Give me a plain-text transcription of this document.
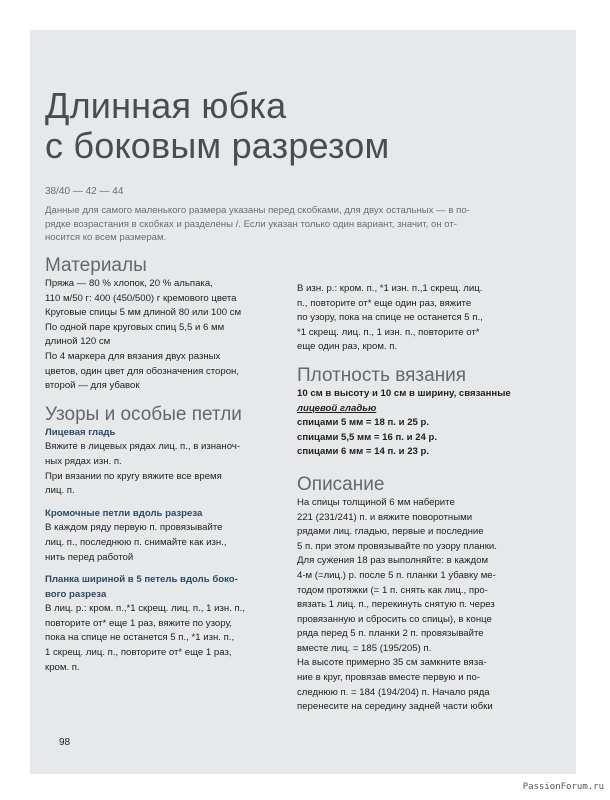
Длинная юбка
с боковым разрезом
38/40 — 42 — 44
Данные для самого маленького размера указаны перед скобками, для двух остальных — в по-
рядке возрастания в скобках и разделены /. Если указан только один вариант, значит, он от-
носится ко всем размерам.
Материалы
Пряжа — 80 % хлопок, 20 % альпака,
110 м/50 г: 400 (450/500) г кремового цвета
Круговые спицы 5 мм длиной 80 или 100 см
По одной паре круговых спиц 5,5 и 6 мм
длиной 120 см
По 4 маркера для вязания двух разных
цветов, один цвет для обозначения сторон,
второй — для убавок
Узоры и особые петли
Лицевая гладь
Вяжите в лицевых рядах лиц. п., в изнаноч-
ных рядах изн. п.
При вязании по кругу вяжите все время
лиц. п.
Кромочные петли вдоль разреза
В каждом ряду первую п. провязывайте
лиц. п., последнюю п. снимайте как изн.,
нить перед работой
Планка шириной в 5 петель вдоль боко-
вого разреза
В лиц. р.: кром. п.,*1 скрещ. лиц. п., 1 изн. п.,
повторите от* еще 1 раз, вяжите по узору,
пока на спице не останется 5 п., *1 изн. п.,
1 скрещ. лиц. п., повторите от* еще 1 раз,
кром. п.
В изн. р.: кром. п., *1 изн. п.,1 скрещ. лиц.
п., повторите от* еще один раз, вяжите
по узору, пока на спице не останется 5 п.,
*1 скрещ. лиц. п., 1 изн. п., повторите от*
еще один раз, кром. п.
Плотность вязания
10 см в высоту и 10 см в ширину, связанные
лицевой гладью
спицами 5 мм = 18 п. и 25 р.
спицами 5,5 мм = 16 п. и 24 р.
спицами 6 мм = 14 п. и 23 р.
Описание
На спицы толщиной 6 мм наберите
221 (231/241) п. и вяжите поворотными
рядами лиц. гладью, первые и последние
5 п. при этом провязывайте по узору планки.
Для сужения 18 раз выполняйте: в каждом
4-м (=лиц.) р. после 5 п. планки 1 убавку ме-
тодом протяжки (= 1 п. снять как лиц., про-
вязать 1 лиц. п., перекинуть снятую п. через
провязанную и сбросить со спицы), в конце
ряда перед 5 п. планки 2 п. провязывайте
вместе лиц. = 185 (195/205) п.
На высоте примерно 35 см замкните вяза-
ние в круг, провязав вместе первую и по-
следнюю п. = 184 (194/204) п. Начало ряда
перенесите на середину задней части юбки
98
PassionForum.ru
